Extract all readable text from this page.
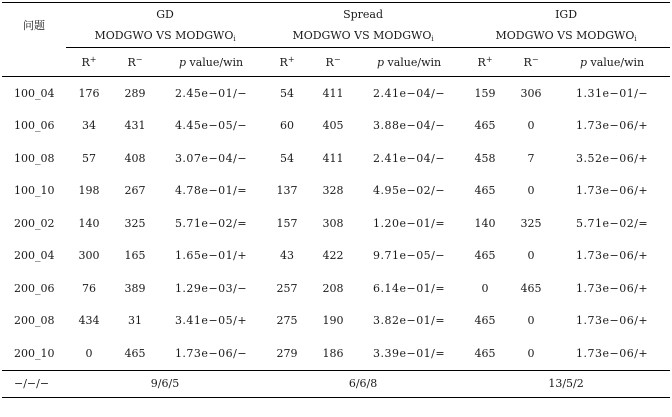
问题	GD			Spread			IGD		
	MODGWO VS $MODGWO_i$			MODGWO VS $MODGWO_i$			MODGWO VS $MODGWO_i$
	R+	R−	p value/win	R+	R−	p value/win	R+	R−	p value/win
100_04	176	289	2.45e−01/−	54	411	2.41e−04/−	159	306	1.31e−01/−
100_06	34	431	4.45e−05/−	60	405	3.88e−04/−	465	0	1.73e−06/+
100_08	57	408	3.07e−04/−	54	411	2.41e−04/−	458	7	3.52e−06/+
100_10	198	267	4.78e−01/=	137	328	4.95e−02/−	465	0	1.73e−06/+
200_02	140	325	5.71e−02/=	157	308	1.20e−01/=	140	325	5.71e−02/=
200_04	300	165	1.65e−01/+	43	422	9.71e−05/−	465	0	1.73e−06/+
200_06	76	389	1.29e−03/−	257	208	6.14e−01/=	0	465	1.73e−06/+
200_08	434	31	3.41e−05/+	275	190	3.82e−01/=	465	0	1.73e−06/+
200_10	0	465	1.73e−06/−	279	186	3.39e−01/=	465	0	1.73e−06/+
−/−/−	9/6/5			6/6/8			13/5/2		
